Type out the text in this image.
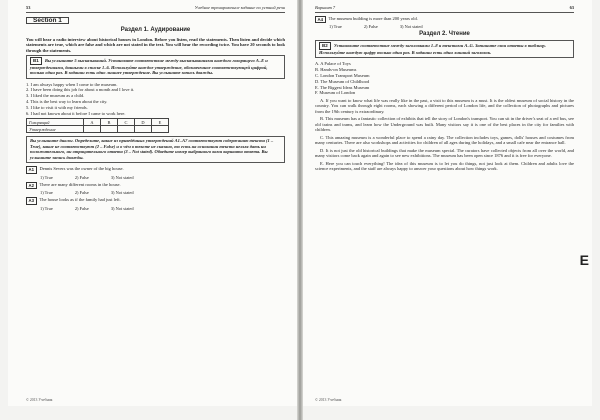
53	Учебное тренировочное задание по устной речи
Section 1
Раздел 1. Аудирование

You will hear a radio interview about historical houses in London. Before you listen, read the statements. Then listen and decide which statements are true, which are false and which are not stated in the text. You will hear the recording twice. You have 20 seconds to look through the statements.

B1 Вы услышите 5 высказываний. Установите соответствие между высказываниями каждого говорящего A–E и утверждениями, данными в списке 1–6. Используйте каждое утверждение, обозначенное соответствующей цифрой, только один раз. В задании есть одно лишнее утверждение. Вы услышите запись дважды.
1. I am always happy when I come to the museum.
2. I have been doing this job for about a month and I love it.
3. I liked the museum as a child.
4. This is the best way to learn about the city.
5. I like to visit it with my friends.
6. I had not known about it before I came to work here.
Говорящий	A	B	C	D	E
Утверждение					
Вы услышите диалог. Определите, какие из приведённых утверждений A1–A7 соответствуют содержанию текста (1 – True), какие не соответствуют (2 – False) и о чём в тексте не сказано, то есть на основании текста нельзя дать ни положительного, ни отрицательного ответа (3 – Not stated). Обведите номер выбранного вами варианта ответа. Вы услышите запись дважды.
A1	Dennis Severs was the owner of the big house.
1) True	2) False	3) Not stated
A2	There are many different rooms in the house.
1) True	2) False	3) Not stated
A3	The house looks as if the family had just left.
1) True	2) False	3) Not stated
© 2013 Учебник
Вариант 7	63
A4	The museum building is more than 200 years old.
1) True	2) False	3) Not stated
Раздел 2. Чтение
B2 Установите соответствие между заголовками 1–8 и текстами A–G. Запишите свои ответы в таблицу. Используйте каждую цифру только один раз. В задании есть один лишний заголовок.
A. A Palace of Toys
B. Hands-on Museums
C. London Transport Museum
D. The Museum of Childhood
E. The Biggest Ideas Museum
F. Museum of London

A. If you want to know what life was really like in the past, a visit to this museum is a must. It is the oldest museum of social history in the country. You can walk through eight rooms, each showing a different period of London life, and the collection of photographs and pictures from the 19th century is extraordinary.

B. This museum has a fantastic collection of exhibits that tell the story of London's transport. You can sit in the driver's seat of a red bus, see old trains and trams, and learn how the Underground was built. Many visitors say it is one of the best places in the city for families with children.

C. This amazing museum is a wonderful place to spend a rainy day. The collection includes toys, games, dolls' houses and costumes from many centuries. There are also workshops and activities for children of all ages during the holidays, and a small cafe near the entrance hall.

D. It is not just the old historical buildings that make the museum special. The curators have collected objects from all over the world, and many visitors come back again and again to see new exhibitions. The museum has been open since 1876 and it is free for everyone.

E. Here you can touch everything! The idea of this museum is to let you do things, not just look at them. Children and adults love the science experiments, and the staff are always happy to answer your questions about how things work.

E
© 2013 Учебник
